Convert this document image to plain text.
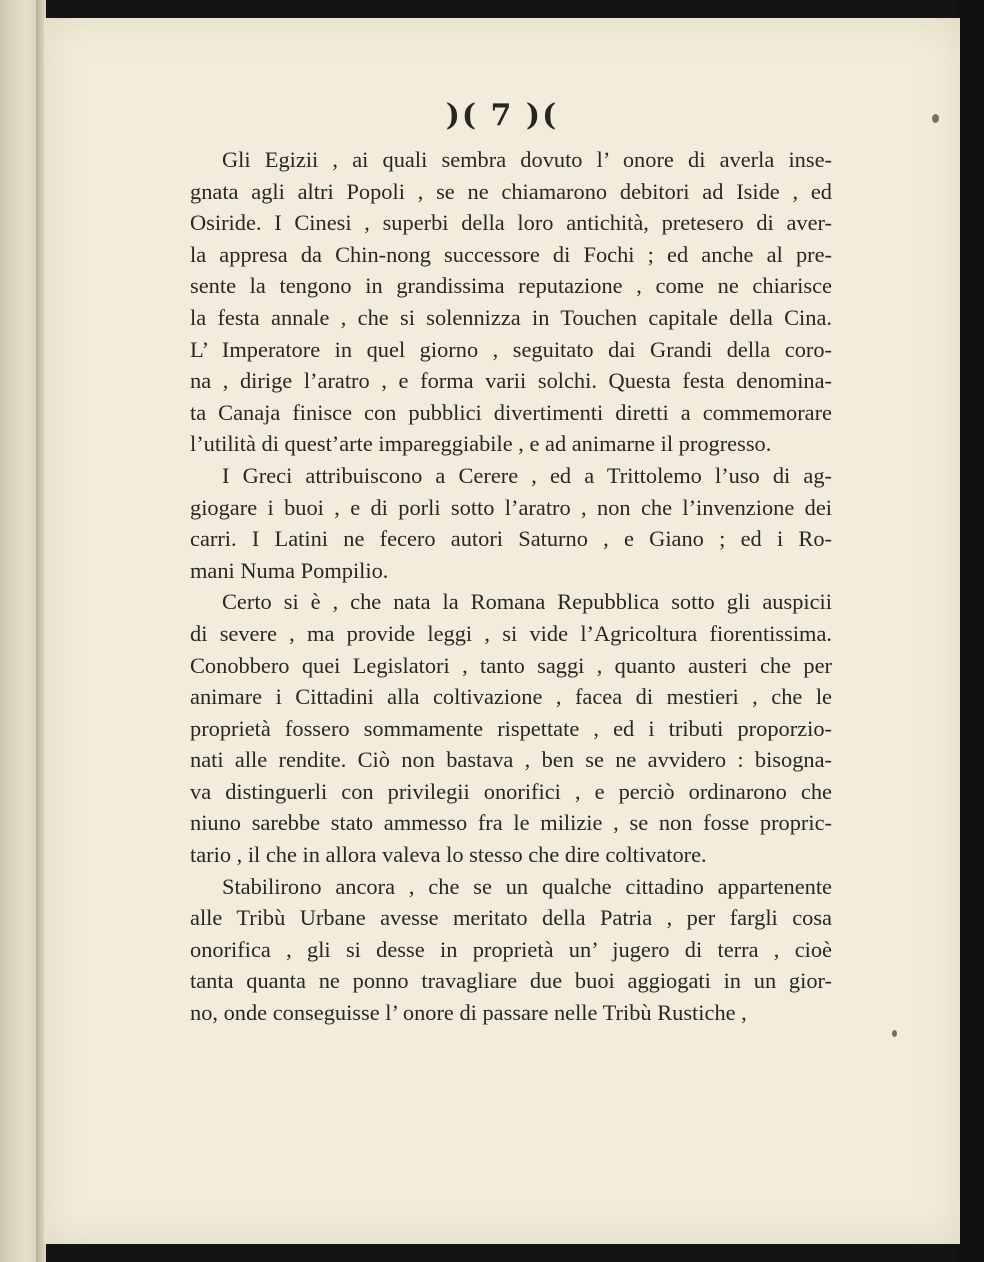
)( 7 )(
Gli Egizii , ai quali sembra dovuto l’ onore di averla inse-
gnata agli altri Popoli , se ne chiamarono debitori ad Iside , ed
Osiride. I Cinesi , superbi della loro antichità, pretesero di aver-
la appresa da Chin-nong successore di Fochi ; ed anche al pre-
sente la tengono in grandissima reputazione , come ne chiarisce
la festa annale , che si solennizza in Touchen capitale della Cina.
L’ Imperatore in quel giorno , seguitato dai Grandi della coro-
na , dirige l’aratro , e forma varii solchi. Questa festa denomina-
ta Canaja finisce con pubblici divertimenti diretti a commemorare
l’utilità di quest’arte impareggiabile , e ad animarne il progresso.
I Greci attribuiscono a Cerere , ed a Trittolemo l’uso di ag-
giogare i buoi , e di porli sotto l’aratro , non che l’invenzione dei
carri. I Latini ne fecero autori Saturno , e Giano ; ed i Ro-
mani Numa Pompilio.
Certo si è , che nata la Romana Repubblica sotto gli auspicii
di severe , ma provide leggi , si vide l’Agricoltura fiorentissima.
Conobbero quei Legislatori , tanto saggi , quanto austeri che per
animare i Cittadini alla coltivazione , facea di mestieri , che le
proprietà fossero sommamente rispettate , ed i tributi proporzio-
nati alle rendite. Ciò non bastava , ben se ne avvidero : bisogna-
va distinguerli con privilegii onorifici , e perciò ordinarono che
niuno sarebbe stato ammesso fra le milizie , se non fosse propric-
tario , il che in allora valeva lo stesso che dire coltivatore.
Stabilirono ancora , che se un qualche cittadino appartenente
alle Tribù Urbane avesse meritato della Patria , per fargli cosa
onorifica , gli si desse in proprietà un’ jugero di terra , cioè
tanta quanta ne ponno travagliare due buoi aggiogati in un gior-
no, onde conseguisse l’ onore di passare nelle Tribù Rustiche ,
